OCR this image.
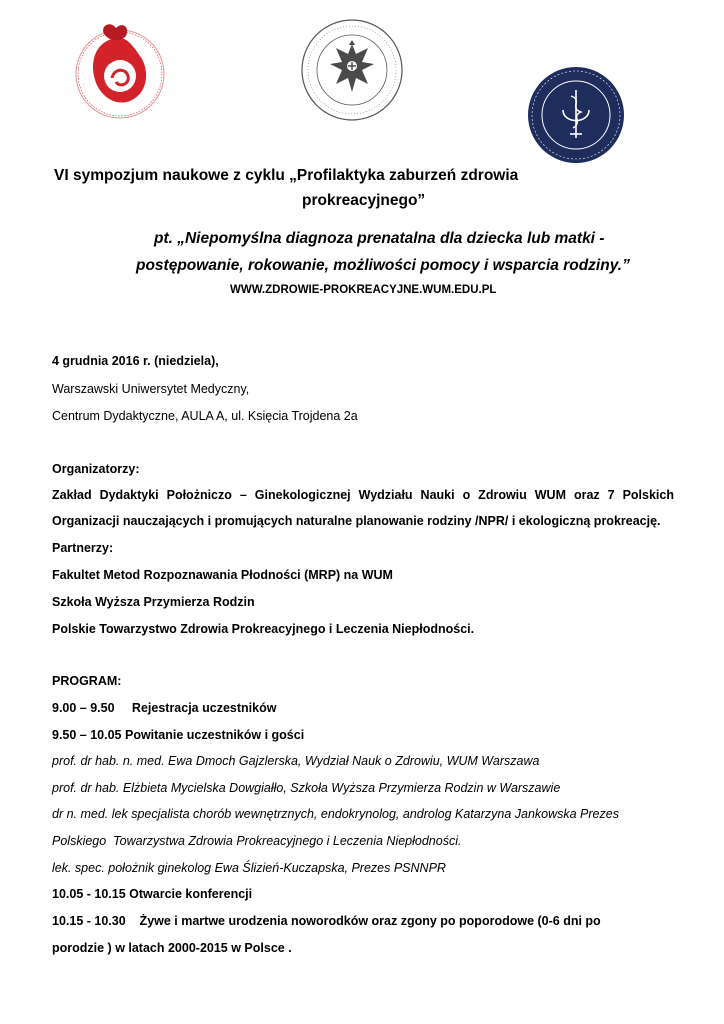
VI sympozjum naukowe z cyklu „Profilaktyka zaburzeń zdrowia
prokreacyjnego”
pt. „Niepomyślna diagnoza prenatalna dla dziecka lub matki -
postępowanie, rokowanie, możliwości pomocy i wsparcia rodziny.”
WWW.ZDROWIE-PROKREACYJNE.WUM.EDU.PL
4 grudnia 2016 r. (niedziela),
Warszawski Uniwersytet Medyczny,
Centrum Dydaktyczne, AULA A, ul. Księcia Trojdena 2a
Organizatorzy:
Zakład Dydaktyki Położniczo – Ginekologicznej Wydziału Nauki o Zdrowiu WUM oraz 7 Polskich
Organizacji nauczających i promujących naturalne planowanie rodziny /NPR/ i ekologiczną prokreację.
Partnerzy:
Fakultet Metod Rozpoznawania Płodności (MRP) na WUM
Szkoła Wyższa Przymierza Rodzin
Polskie Towarzystwo Zdrowia Prokreacyjnego i Leczenia Niepłodności.
PROGRAM:
9.00 – 9.50     Rejestracja uczestników
9.50 – 10.05 Powitanie uczestników i gości
prof. dr hab. n. med. Ewa Dmoch Gajzlerska, Wydział Nauk o Zdrowiu, WUM Warszawa
prof. dr hab. Elżbieta Mycielska Dowgiałło, Szkoła Wyższa Przymierza Rodzin w Warszawie
dr n. med. lek specjalista chorób wewnętrznych, endokrynolog, androlog Katarzyna Jankowska Prezes
Polskiego  Towarzystwa Zdrowia Prokreacyjnego i Leczenia Niepłodności.
lek. spec. położnik ginekolog Ewa Ślizień-Kuczapska, Prezes PSNNPR
10.05 - 10.15 Otwarcie konferencji
10.15 - 10.30    Żywe i martwe urodzenia noworodków oraz zgony po poporodowe (0-6 dni po
porodzie ) w latach 2000-2015 w Polsce .
